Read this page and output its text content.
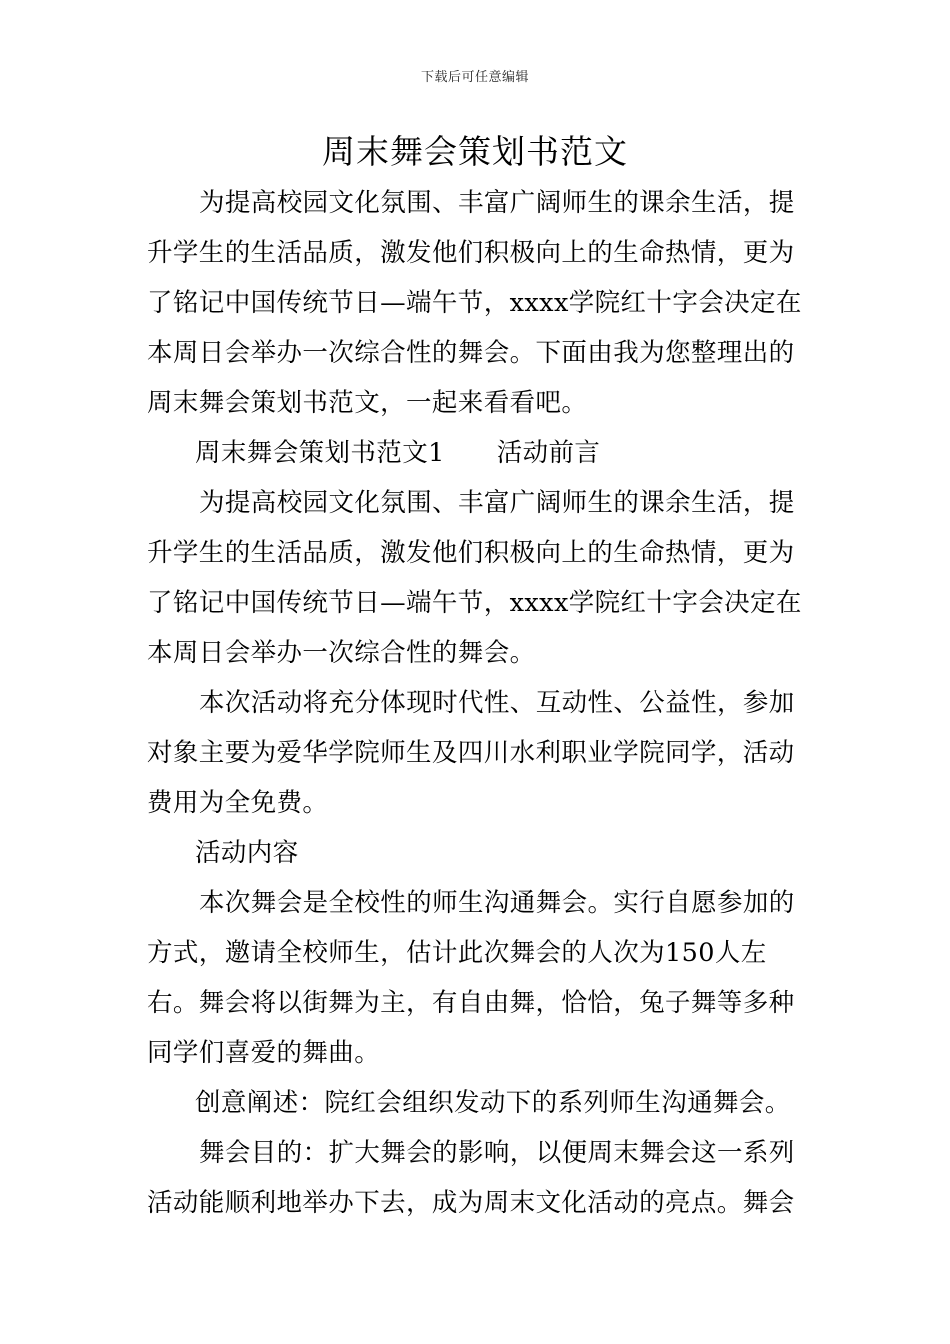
下载后可任意编辑
周末舞会策划书范文

为提高校园文化氛围、丰富广阔师生的课余生活，提升学生的生活品质，激发他们积极向上的生命热情，更为了铭记中国传统节日—端午节，xxxx学院红十字会决定在本周日会举办一次综合性的舞会。下面由我为您整理出的周末舞会策划书范文，一起来看看吧。

周末舞会策划书范文1 活动前言

为提高校园文化氛围、丰富广阔师生的课余生活，提升学生的生活品质，激发他们积极向上的生命热情，更为了铭记中国传统节日—端午节，xxxx学院红十字会决定在本周日会举办一次综合性的舞会。

本次活动将充分体现时代性、互动性、公益性，参加对象主要为爱华学院师生及四川水利职业学院同学，活动费用为全免费。

活动内容

本次舞会是全校性的师生沟通舞会。实行自愿参加的方式，邀请全校师生，估计此次舞会的人次为150人左右。舞会将以街舞为主，有自由舞，恰恰，兔子舞等多种同学们喜爱的舞曲。

创意阐述：院红会组织发动下的系列师生沟通舞会。

舞会目的：扩大舞会的影响，以便周末舞会这一系列活动能顺利地举办下去，成为周末文化活动的亮点。舞会
